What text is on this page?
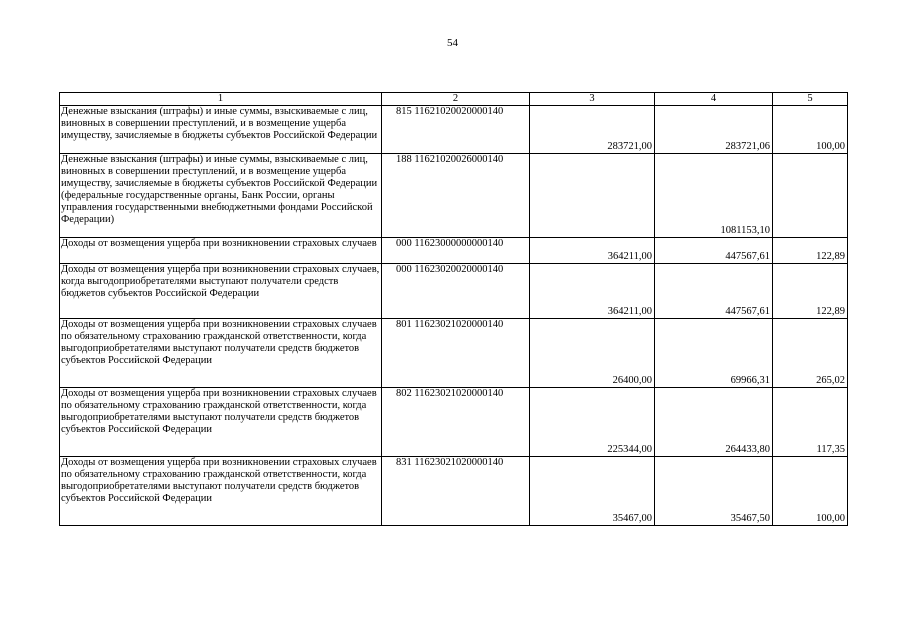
54
1	2	3	4	5
Денежные взыскания (штрафы) и иные суммы, взыскиваемые с лиц, виновных в совершении преступлений, и в возмещение ущерба имуществу, зачисляемые в бюджеты субъектов Российской Федерации	815 11621020020000140	283721,00	283721,06	100,00
Денежные взыскания (штрафы) и иные суммы, взыскиваемые с лиц, виновных в совершении преступлений, и в возмещение ущерба имуществу, зачисляемые в бюджеты субъектов Российской Федерации (федеральные государственные органы, Банк России, органы управления государственными внебюджетными фондами Российской Федерации)	188 11621020026000140		1081153,10	
Доходы от возмещения ущерба при возникновении страховых случаев	000 11623000000000140	364211,00	447567,61	122,89
Доходы от возмещения ущерба при возникновении страховых случаев, когда выгодоприобретателями выступают получатели средств бюджетов субъектов Российской Федерации	000 11623020020000140	364211,00	447567,61	122,89
Доходы от возмещения ущерба при возникновении страховых случаев по обязательному страхованию гражданской ответственности, когда выгодоприобретателями выступают получатели средств бюджетов субъектов Российской Федерации	801 11623021020000140	26400,00	69966,31	265,02
Доходы от возмещения ущерба при возникновении страховых случаев по обязательному страхованию гражданской ответственности, когда выгодоприобретателями выступают получатели средств бюджетов субъектов Российской Федерации	802 11623021020000140	225344,00	264433,80	117,35
Доходы от возмещения ущерба при возникновении страховых случаев по обязательному страхованию гражданской ответственности, когда выгодоприобретателями выступают получатели средств бюджетов субъектов Российской Федерации	831 11623021020000140	35467,00	35467,50	100,00
